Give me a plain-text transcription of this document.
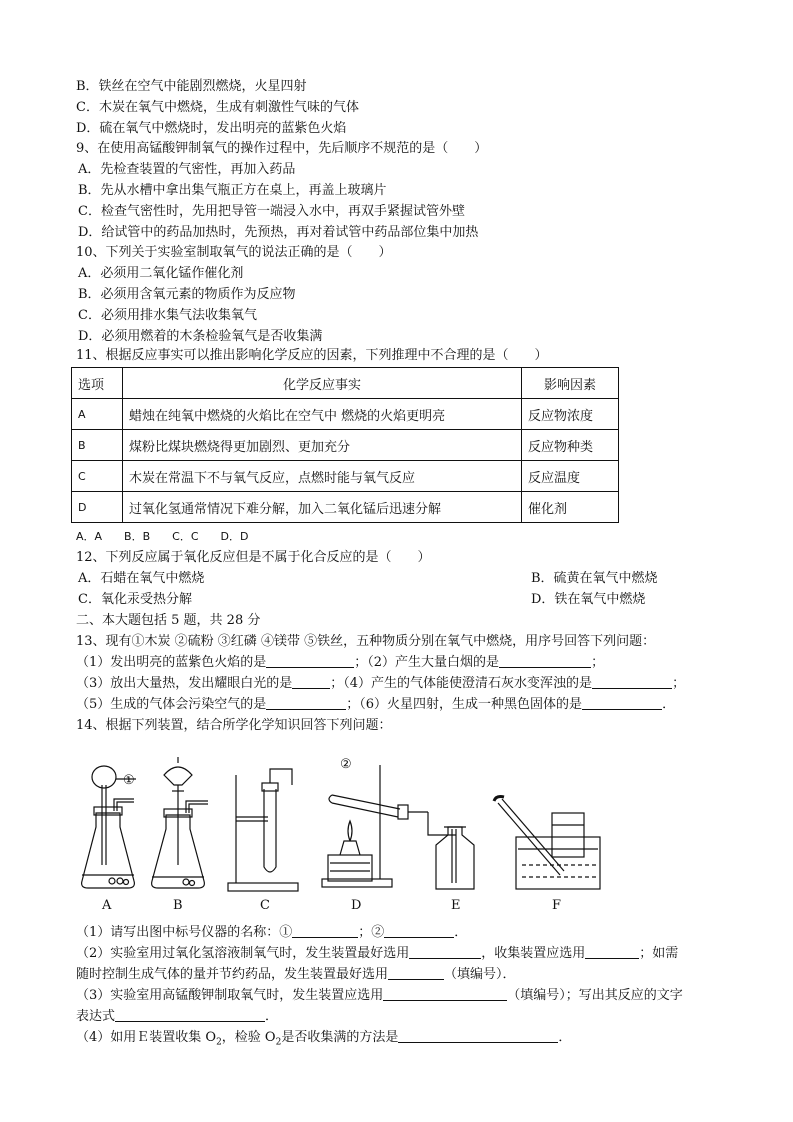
B．铁丝在空气中能剧烈燃烧，火星四射
C．木炭在氧气中燃烧，生成有刺激性气味的气体
D．硫在氧气中燃烧时，发出明亮的蓝紫色火焰
9、在使用高锰酸钾制氧气的操作过程中，先后顺序不规范的是（　　）
A．先检查装置的气密性，再加入药品
B．先从水槽中拿出集气瓶正方在桌上，再盖上玻璃片
C．检查气密性时，先用把导管一端浸入水中，再双手紧握试管外壁
D．给试管中的药品加热时，先预热，再对着试管中药品部位集中加热
10、下列关于实验室制取氧气的说法正确的是（　　）
A．必须用二氧化锰作催化剂
B．必须用含氧元素的物质作为反应物
C．必须用排水集气法收集氧气
D．必须用燃着的木条检验氧气是否收集满
11、根据反应事实可以推出影响化学反应的因素，下列推理中不合理的是（　　）
选项	化学反应事实	影响因素
A	蜡烛在纯氧中燃烧的火焰比在空气中 燃烧的火焰更明亮	反应物浓度
B	煤粉比煤块燃烧得更加剧烈、更加充分	反应物种类
C	木炭在常温下不与氧气反应，点燃时能与氧气反应	反应温度
D	过氧化氢通常情况下难分解，加入二氧化锰后迅速分解	催化剂
A．A　　B．B　　C．C　　D．D
12、下列反应属于氧化反应但是不属于化合反应的是（　　）
A．石蜡在氧气中燃烧	B．硫黄在氧气中燃烧
C．氧化汞受热分解	D．铁在氧气中燃烧
二、本大题包括 5 题，共 28 分
13、现有①木炭 ②硫粉 ③红磷 ④镁带 ⑤铁丝，五种物质分别在氧气中燃烧，用序号回答下列问题：
（1）发出明亮的蓝紫色火焰的是	；（2）产生大量白烟的是	；
（3）放出大量热，发出耀眼白光的是	；（4）产生的气体能使澄清石灰水变浑浊的是	；
（5）生成的气体会污染空气的是	；（6）火星四射，生成一种黑色固体的是	．
14、根据下列装置，结合所学化学知识回答下列问题：
①
②
A	B	C	D	E	F
（1）请写出图中标号仪器的名称：①	；②	．
（2）实验室用过氧化氢溶液制氧气时，发生装置最好选用	，收集装置应选用	；如需
随时控制生成气体的量并节约药品，发生装置最好选用	（填编号）．
（3）实验室用高锰酸钾制取氧气时，发生装置应选用	（填编号）；写出其反应的文字
表达式	．
（4）如用Ｅ装置收集 $O_2$，检验 $O_2$是否收集满的方法是	．
